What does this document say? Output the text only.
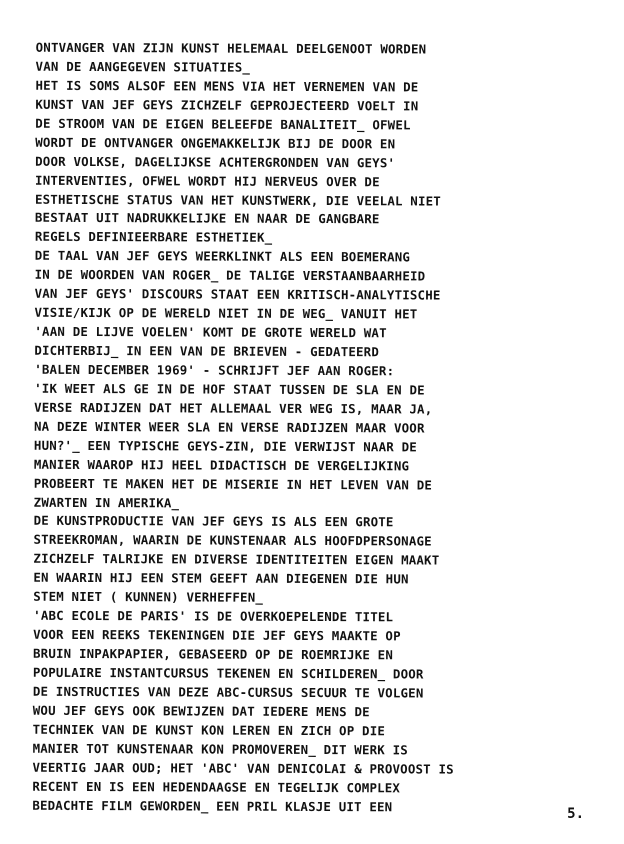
ONTVANGER VAN ZIJN KUNST HELEMAAL DEELGENOOT WORDEN
VAN DE AANGEGEVEN SITUATIES_
HET IS SOMS ALSOF EEN MENS VIA HET VERNEMEN VAN DE
KUNST VAN JEF GEYS ZICHZELF GEPROJECTEERD VOELT IN
DE STROOM VAN DE EIGEN BELEEFDE BANALITEIT_ OFWEL
WORDT DE ONTVANGER ONGEMAKKELIJK BIJ DE DOOR EN
DOOR VOLKSE, DAGELIJKSE ACHTERGRONDEN VAN GEYS'
INTERVENTIES, OFWEL WORDT HIJ NERVEUS OVER DE
ESTHETISCHE STATUS VAN HET KUNSTWERK, DIE VEELAL NIET
BESTAAT UIT NADRUKKELIJKE EN NAAR DE GANGBARE
REGELS DEFINIEERBARE ESTHETIEK_
DE TAAL VAN JEF GEYS WEERKLINKT ALS EEN BOEMERANG
IN DE WOORDEN VAN ROGER_ DE TALIGE VERSTAANBAARHEID
VAN JEF GEYS' DISCOURS STAAT EEN KRITISCH-ANALYTISCHE
VISIE/KIJK OP DE WERELD NIET IN DE WEG_ VANUIT HET
'AAN DE LIJVE VOELEN' KOMT DE GROTE WERELD WAT
DICHTERBIJ_ IN EEN VAN DE BRIEVEN - GEDATEERD
'BALEN DECEMBER 1969' - SCHRIJFT JEF AAN ROGER:
'IK WEET ALS GE IN DE HOF STAAT TUSSEN DE SLA EN DE
VERSE RADIJZEN DAT HET ALLEMAAL VER WEG IS, MAAR JA,
NA DEZE WINTER WEER SLA EN VERSE RADIJZEN MAAR VOOR
HUN?'_ EEN TYPISCHE GEYS-ZIN, DIE VERWIJST NAAR DE
MANIER WAAROP HIJ HEEL DIDACTISCH DE VERGELIJKING
PROBEERT TE MAKEN HET DE MISERIE IN HET LEVEN VAN DE
ZWARTEN IN AMERIKA_
DE KUNSTPRODUCTIE VAN JEF GEYS IS ALS EEN GROTE
STREEKROMAN, WAARIN DE KUNSTENAAR ALS HOOFDPERSONAGE
ZICHZELF TALRIJKE EN DIVERSE IDENTITEITEN EIGEN MAAKT
EN WAARIN HIJ EEN STEM GEEFT AAN DIEGENEN DIE HUN
STEM NIET ( KUNNEN) VERHEFFEN_
'ABC ECOLE DE PARIS' IS DE OVERKOEPELENDE TITEL
VOOR EEN REEKS TEKENINGEN DIE JEF GEYS MAAKTE OP
BRUIN INPAKPAPIER, GEBASEERD OP DE ROEMRIJKE EN
POPULAIRE INSTANTCURSUS TEKENEN EN SCHILDEREN_ DOOR
DE INSTRUCTIES VAN DEZE ABC-CURSUS SECUUR TE VOLGEN
WOU JEF GEYS OOK BEWIJZEN DAT IEDERE MENS DE
TECHNIEK VAN DE KUNST KON LEREN EN ZICH OP DIE
MANIER TOT KUNSTENAAR KON PROMOVEREN_ DIT WERK IS
VEERTIG JAAR OUD; HET 'ABC' VAN DENICOLAI & PROVOOST IS
RECENT EN IS EEN HEDENDAAGSE EN TEGELIJK COMPLEX
BEDACHTE FILM GEWORDEN_ EEN PRIL KLASJE UIT EEN
5.
